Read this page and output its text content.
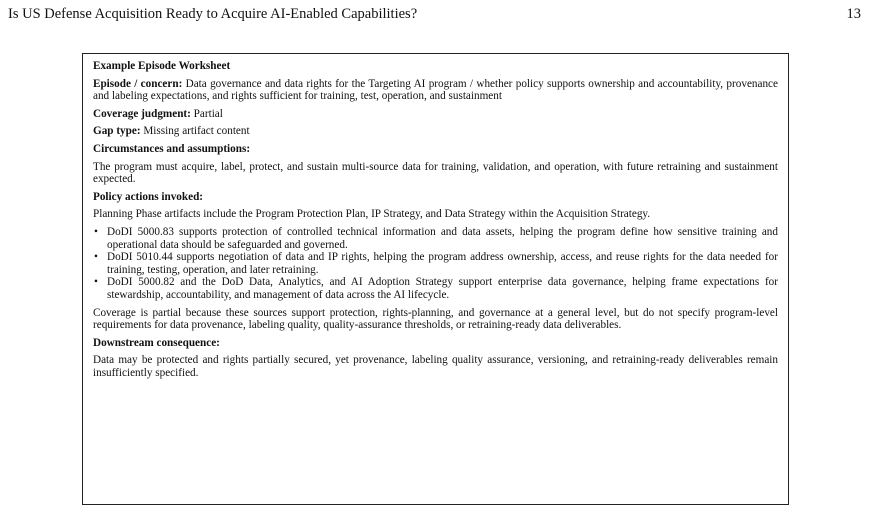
Is US Defense Acquisition Ready to Acquire AI-Enabled Capabilities?	13

Example Episode Worksheet

Episode / concern: Data governance and data rights for the Targeting AI program / whether policy supports ownership and accountability, provenance and labeling expectations, and rights sufficient for training, test, operation, and sustainment

Coverage judgment: Partial

Gap type: Missing artifact content

Circumstances and assumptions:

The program must acquire, label, protect, and sustain multi-source data for training, validation, and operation, with future retraining and sustainment expected.

Policy actions invoked:

Planning Phase artifacts include the Program Protection Plan, IP Strategy, and Data Strategy within the Acquisition Strategy.

• DoDI 5000.83 supports protection of controlled technical information and data assets, helping the program define how sensitive training and operational data should be safeguarded and governed.
• DoDI 5010.44 supports negotiation of data and IP rights, helping the program address ownership, access, and reuse rights for the data needed for training, testing, operation, and later retraining.
• DoDI 5000.82 and the DoD Data, Analytics, and AI Adoption Strategy support enterprise data governance, helping frame expectations for stewardship, accountability, and management of data across the AI lifecycle.

Coverage is partial because these sources support protection, rights-planning, and governance at a general level, but do not specify program-level requirements for data provenance, labeling quality, quality-assurance thresholds, or retraining-ready data deliverables.

Downstream consequence:

Data may be protected and rights partially secured, yet provenance, labeling quality assurance, versioning, and retraining-ready deliverables remain insufficiently specified.
